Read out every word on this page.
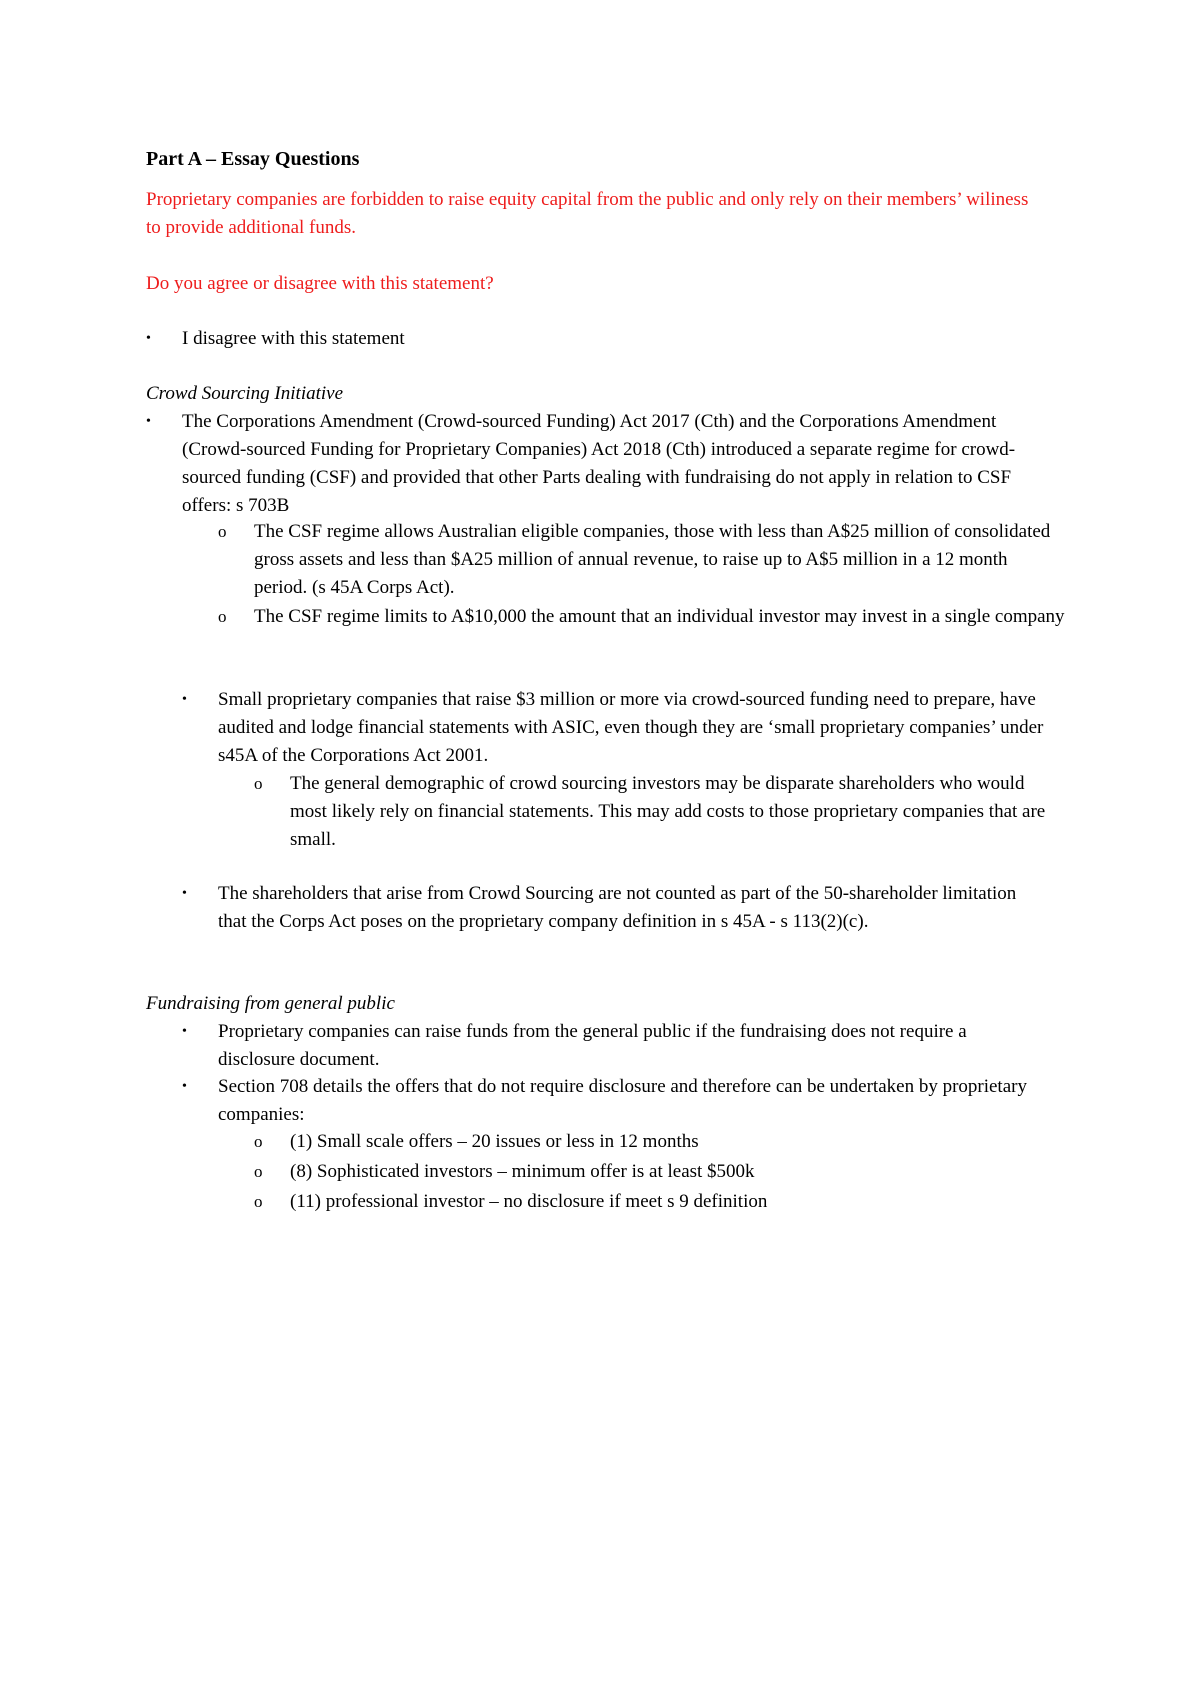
Part A – Essay Questions

Proprietary companies are forbidden to raise equity capital from the public and only rely on their members’ wiliness to provide additional funds.

Do you agree or disagree with this statement?

• I disagree with this statement

Crowd Sourcing Initiative

• The Corporations Amendment (Crowd-sourced Funding) Act 2017 (Cth) and the Corporations Amendment (Crowd-sourced Funding for Proprietary Companies) Act 2018 (Cth) introduced a separate regime for crowd- sourced funding (CSF) and provided that other Parts dealing with fundraising do not apply in relation to CSF offers: s 703B
o The CSF regime allows Australian eligible companies, those with less than A$25 million of consolidated gross assets and less than $A25 million of annual revenue, to raise up to A$5 million in a 12 month period. (s 45A Corps Act).
o The CSF regime limits to A$10,000 the amount that an individual investor may invest in a single company
• Small proprietary companies that raise $3 million or more via crowd-sourced funding need to prepare, have audited and lodge financial statements with ASIC, even though they are ‘small proprietary companies’ under s45A of the Corporations Act 2001.
o The general demographic of crowd sourcing investors may be disparate shareholders who would most likely rely on financial statements. This may add costs to those proprietary companies that are small.
• The shareholders that arise from Crowd Sourcing are not counted as part of the 50-shareholder limitation that the Corps Act poses on the proprietary company definition in s 45A - s 113(2)(c).

Fundraising from general public

• Proprietary companies can raise funds from the general public if the fundraising does not require a disclosure document.
• Section 708 details the offers that do not require disclosure and therefore can be undertaken by proprietary companies:
o (1) Small scale offers – 20 issues or less in 12 months
o (8) Sophisticated investors – minimum offer is at least $500k
o (11) professional investor – no disclosure if meet s 9 definition
